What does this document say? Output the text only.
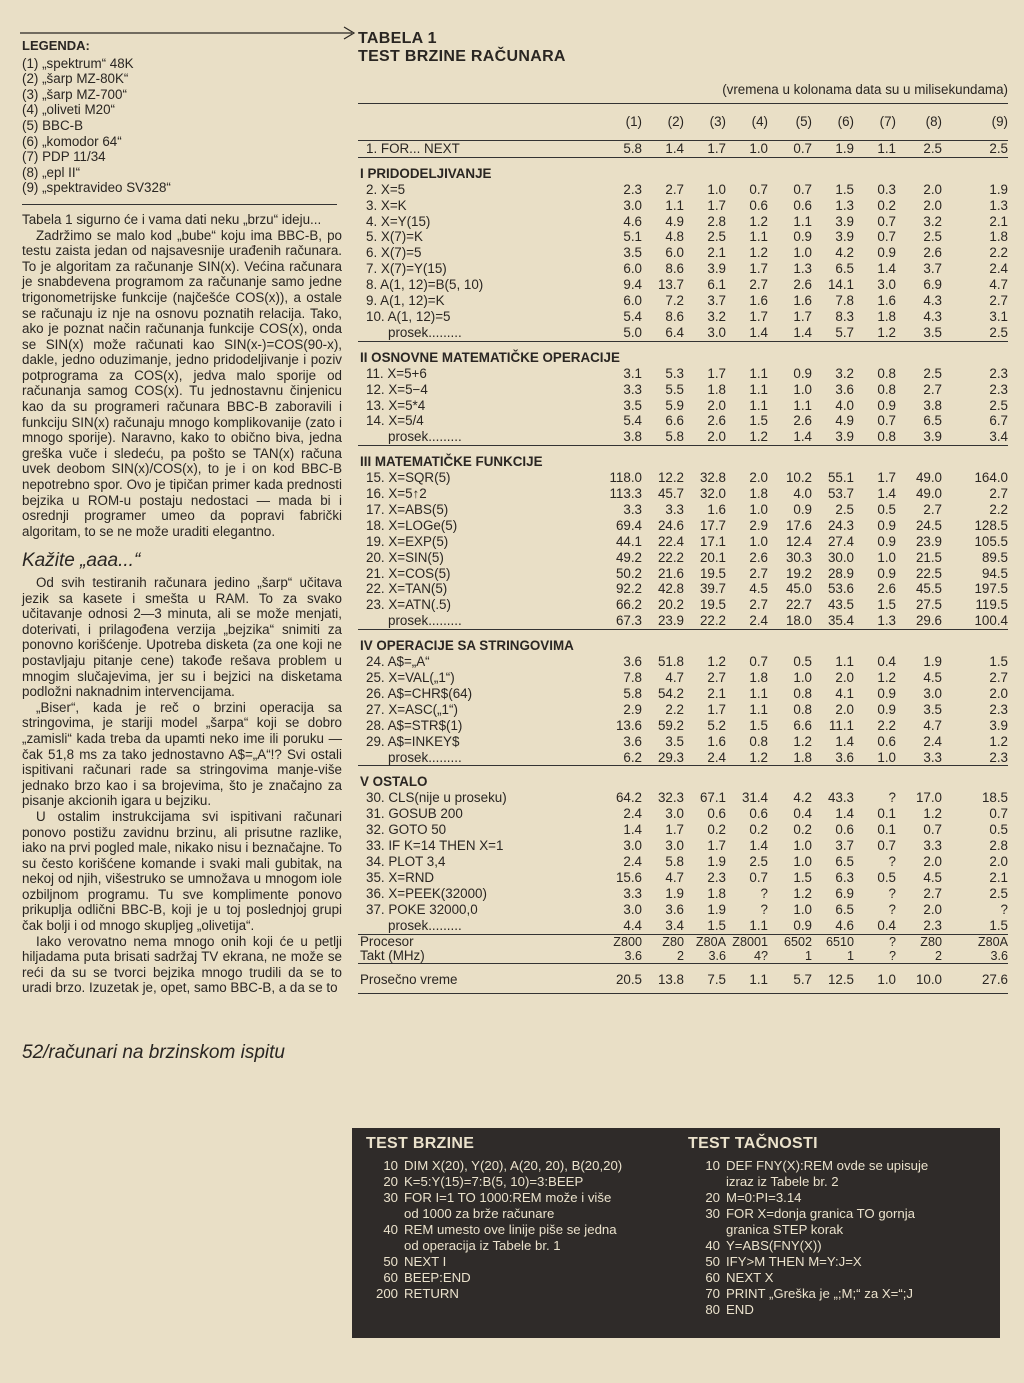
LEGENDA:
(1) „spektrum“ 48K
(2) „šarp MZ-80K“
(3) „šarp MZ-700“
(4) „oliveti M20“
(5) BBC-B
(6) „komodor 64“
(7) PDP 11/34
(8) „epl II“
(9) „spektravideo SV328“

Tabela 1 sigurno će i vama dati neku „brzu“ ideju...

Zadržimo se malo kod „bube“ koju ima BBC-B, po testu zaista jedan od najsavesnije urađenih računara. To je algoritam za računanje SIN(x). Većina računara je snabdevena programom za računanje samo jedne trigonometrijske funkcije (najčešće COS(x)), a ostale se računaju iz nje na osnovu poznatih relacija. Tako, ako je poznat način računanja funkcije COS(x), onda se SIN(x) može računati kao SIN(x-)=COS(90-x), dakle, jedno oduzimanje, jedno pridodeljivanje i poziv potprograma za COS(x), jedva malo sporije od računanja samog COS(x). Tu jednostavnu činjenicu kao da su programeri računara BBC-B zaboravili i funkciju SIN(x) računaju mnogo komplikovanije (zato i mnogo sporije). Naravno, kako to obično biva, jedna greška vuče i sledeću, pa pošto se TAN(x) računa uvek deobom SIN(x)/COS(x), to je i on kod BBC-B nepotrebno spor. Ovo je tipičan primer kada prednosti bejzika u ROM-u postaju nedostaci — mada bi i osrednji programer umeo da popravi fabrički algoritam, to se ne može uraditi elegantno.

Kažite „aaa...“

Od svih testiranih računara jedino „šarp“ učitava jezik sa kasete i smešta u RAM. To za svako učitavanje odnosi 2—3 minuta, ali se može menjati, doterivati, i prilagođena verzija „bejzika“ snimiti za ponovno korišćenje. Upotreba disketa (za one koji ne postavljaju pitanje cene) takođe rešava problem u mnogim slučajevima, jer su i bejzici na disketama podložni naknadnim intervencijama.

„Biser“, kada je reč o brzini operacija sa stringovima, je stariji model „šarpa“ koji se dobro „zamisli“ kada treba da upamti neko ime ili poruku — čak 51,8 ms za tako jednostavno A$=„A“!? Svi ostali ispitivani računari rade sa stringovima manje-više jednako brzo kao i sa brojevima, što je značajno za pisanje akcionih igara u bejziku.

U ostalim instrukcijama svi ispitivani računari ponovo postižu zavidnu brzinu, ali prisutne razlike, iako na prvi pogled male, nikako nisu i beznačajne. To su često korišćene komande i svaki mali gubitak, na nekoj od njih, višestruko se umnožava u mnogom iole ozbiljnom programu. Tu sve komplimente ponovo prikuplja odlični BBC-B, koji je u toj poslednjoj grupi čak bolji i od mnogo skupljeg „olivetija“.

Iako verovatno nema mnogo onih koji će u petlji hiljadama puta brisati sadržaj TV ekrana, ne može se reći da su se tvorci bejzika mnogo trudili da se to uradi brzo. Izuzetak je, opet, samo BBC-B, a da se to

52/računari na brzinskom ispitu
TABELA 1
TEST BRZINE RAČUNARA
(vremena u kolonama data su u milisekundama)
	(1)	(2)	(3)	(4)	(5)	(6)	(7)	(8)	(9)

1. FOR... NEXT	5.8	1.4	1.7	1.0	0.7	1.9	1.1	2.5	2.5

I PRIDODELJIVANJE									
2. X=5	2.3	2.7	1.0	0.7	0.7	1.5	0.3	2.0	1.9
3. X=K	3.0	1.1	1.7	0.6	0.6	1.3	0.2	2.0	1.3
4. X=Y(15)	4.6	4.9	2.8	1.2	1.1	3.9	0.7	3.2	2.1
5. X(7)=K	5.1	4.8	2.5	1.1	0.9	3.9	0.7	2.5	1.8
6. X(7)=5	3.5	6.0	2.1	1.2	1.0	4.2	0.9	2.6	2.2
7. X(7)=Y(15)	6.0	8.6	3.9	1.7	1.3	6.5	1.4	3.7	2.4
8. A(1, 12)=B(5, 10)	9.4	13.7	6.1	2.7	2.6	14.1	3.0	6.9	4.7
9. A(1, 12)=K	6.0	7.2	3.7	1.6	1.6	7.8	1.6	4.3	2.7
10. A(1, 12)=5	5.4	8.6	3.2	1.7	1.7	8.3	1.8	4.3	3.1
prosek.........	5.0	6.4	3.0	1.4	1.4	5.7	1.2	3.5	2.5

II OSNOVNE MATEMATIČKE OPERACIJE									
11. X=5+6	3.1	5.3	1.7	1.1	0.9	3.2	0.8	2.5	2.3
12. X=5−4	3.3	5.5	1.8	1.1	1.0	3.6	0.8	2.7	2.3
13. X=5*4	3.5	5.9	2.0	1.1	1.1	4.0	0.9	3.8	2.5
14. X=5/4	5.4	6.6	2.6	1.5	2.6	4.9	0.7	6.5	6.7
prosek.........	3.8	5.8	2.0	1.2	1.4	3.9	0.8	3.9	3.4

III MATEMATIČKE FUNKCIJE									
15. X=SQR(5)	118.0	12.2	32.8	2.0	10.2	55.1	1.7	49.0	164.0
16. X=5↑2	113.3	45.7	32.0	1.8	4.0	53.7	1.4	49.0	2.7
17. X=ABS(5)	3.3	3.3	1.6	1.0	0.9	2.5	0.5	2.7	2.2
18. X=LOGe(5)	69.4	24.6	17.7	2.9	17.6	24.3	0.9	24.5	128.5
19. X=EXP(5)	44.1	22.4	17.1	1.0	12.4	27.4	0.9	23.9	105.5
20. X=SIN(5)	49.2	22.2	20.1	2.6	30.3	30.0	1.0	21.5	89.5
21. X=COS(5)	50.2	21.6	19.5	2.7	19.2	28.9	0.9	22.5	94.5
22. X=TAN(5)	92.2	42.8	39.7	4.5	45.0	53.6	2.6	45.5	197.5
23. X=ATN(.5)	66.2	20.2	19.5	2.7	22.7	43.5	1.5	27.5	119.5
prosek.........	67.3	23.9	22.2	2.4	18.0	35.4	1.3	29.6	100.4

IV OPERACIJE SA STRINGOVIMA									
24. A$=„A“	3.6	51.8	1.2	0.7	0.5	1.1	0.4	1.9	1.5
25. X=VAL(„1“)	7.8	4.7	2.7	1.8	1.0	2.0	1.2	4.5	2.7
26. A$=CHR$(64)	5.8	54.2	2.1	1.1	0.8	4.1	0.9	3.0	2.0
27. X=ASC(„1“)	2.9	2.2	1.7	1.1	0.8	2.0	0.9	3.5	2.3
28. A$=STR$(1)	13.6	59.2	5.2	1.5	6.6	11.1	2.2	4.7	3.9
29. A$=INKEY$	3.6	3.5	1.6	0.8	1.2	1.4	0.6	2.4	1.2
prosek.........	6.2	29.3	2.4	1.2	1.8	3.6	1.0	3.3	2.3

V OSTALO									
30. CLS(nije u proseku)	64.2	32.3	67.1	31.4	4.2	43.3	?	17.0	18.5
31. GOSUB 200	2.4	3.0	0.6	0.6	0.4	1.4	0.1	1.2	0.7
32. GOTO 50	1.4	1.7	0.2	0.2	0.2	0.6	0.1	0.7	0.5
33. IF K=14 THEN X=1	3.0	3.0	1.7	1.4	1.0	3.7	0.7	3.3	2.8
34. PLOT 3,4	2.4	5.8	1.9	2.5	1.0	6.5	?	2.0	2.0
35. X=RND	15.6	4.7	2.3	0.7	1.5	6.3	0.5	4.5	2.1
36. X=PEEK(32000)	3.3	1.9	1.8	?	1.2	6.9	?	2.7	2.5
37. POKE 32000,0	3.0	3.6	1.9	?	1.0	6.5	?	2.0	?
prosek.........	4.4	3.4	1.5	1.1	0.9	4.6	0.4	2.3	1.5

Procesor	Z800	Z80	Z80A	Z8001	6502	6510	?	Z80	Z80A
Takt (MHz)	3.6	2	3.6	4?	1	1	?	2	3.6

Prosečno vreme	20.5	13.8	7.5	1.1	5.7	12.5	1.0	10.0	27.6

TEST BRZINE
10 DIM X(20), Y(20), A(20, 20), B(20,20)
20 K=5:Y(15)=7:B(5, 10)=3:BEEP
30 FOR I=1 TO 1000:REM može i više
od 1000 za brže računare
40 REM umesto ove linije piše se jedna
od operacija iz Tabele br. 1
50 NEXT I
60 BEEP:END
200 RETURN
TEST TAČNOSTI
10 DEF FNY(X):REM ovde se upisuje
izraz iz Tabele br. 2
20 M=0:PI=3.14
30 FOR X=donja granica TO gornja
granica STEP korak
40 Y=ABS(FNY(X))
50 IFY>M THEN M=Y:J=X
60 NEXT X
70 PRINT „Greška je „;M;“ za X=“;J
80 END
